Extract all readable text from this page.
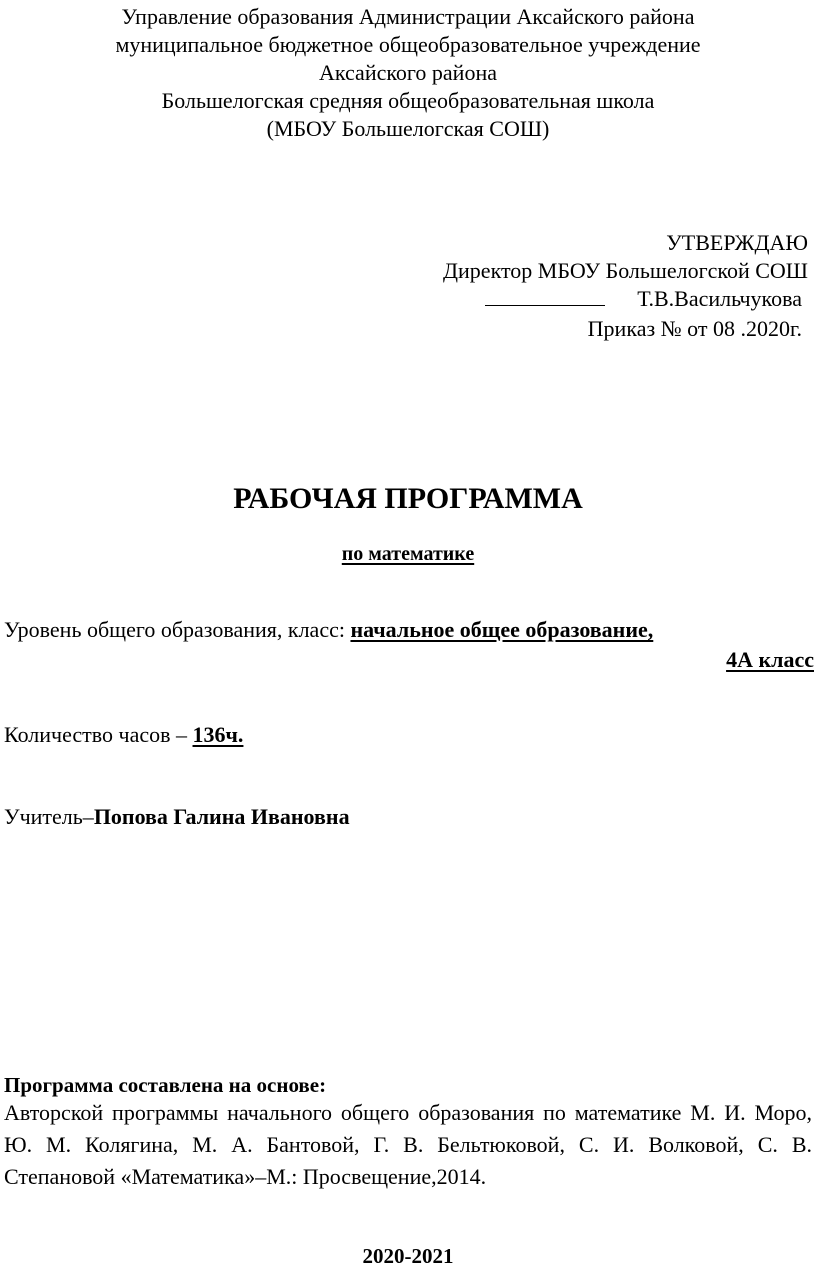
Управление образования Администрации Аксайского района

муниципальное бюджетное общеобразовательное учреждение

Аксайского района

Большелогская средняя общеобразовательная школа

(МБОУ Большелогская СОШ)

УТВЕРЖДАЮ

Директор МБОУ Большелогской СОШ

Т.В.Васильчукова

Приказ № от 08 .2020г.

РАБОЧАЯ ПРОГРАММА

по математике

Уровень общего образования, класс: начальное общее образование,

4А класс

Количество часов – 136ч.

Учитель–Попова Галина Ивановна

Программа составлена на основе:

Авторской программы начального общего образования по математике М. И. Моро, Ю. М. Колягина, М. А. Бантовой, Г. В. Бельтюковой, С. И. Волковой, С. В. Степановой «Математика»–М.: Просвещение,2014.

2020-2021
